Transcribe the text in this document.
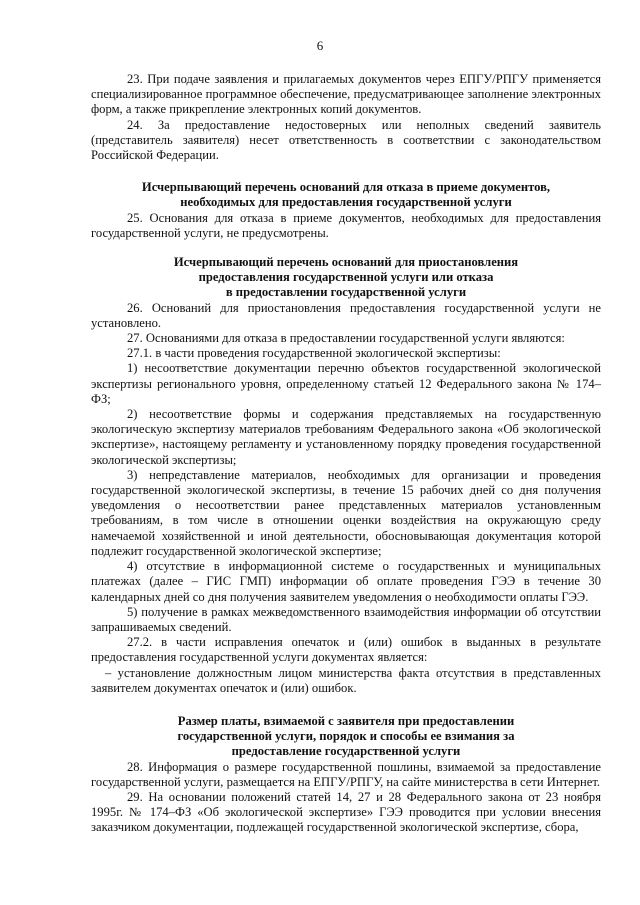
6

23. При подаче заявления и прилагаемых документов через ЕПГУ/РПГУ применяется специализированное программное обеспечение, предусматривающее заполнение электронных форм, а также прикрепление электронных копий документов.

24. За предоставление недостоверных или неполных сведений заявитель (представитель заявителя) несет ответственность в соответствии с законодательством Российской Федерации.

Исчерпывающий перечень оснований для отказа в приеме документов,
необходимых для предоставления государственной услуги

25. Основания для отказа в приеме документов, необходимых для предоставления государственной услуги, не предусмотрены.

Исчерпывающий перечень оснований для приостановления
предоставления государственной услуги или отказа
в предоставлении государственной услуги

26. Оснований для приостановления предоставления государственной услуги не установлено.

27. Основаниями для отказа в предоставлении государственной услуги являются:

27.1. в части проведения государственной экологической экспертизы:

1) несоответствие документации перечню объектов государственной экологической экспертизы регионального уровня, определенному статьей 12 Федерального закона № 174–ФЗ;

2) несоответствие формы и содержания представляемых на государственную экологическую экспертизу материалов требованиям Федерального закона «Об экологической экспертизе», настоящему регламенту и установленному порядку проведения государственной экологической экспертизы;

3) непредставление материалов, необходимых для организации и проведения государственной экологической экспертизы, в течение 15 рабочих дней со дня получения уведомления о несоответствии ранее представленных материалов установленным требованиям, в том числе в отношении оценки воздействия на окружающую среду намечаемой хозяйственной и иной деятельности, обосновывающая документация которой подлежит государственной экологической экспертизе;

4) отсутствие в информационной системе о государственных и муниципальных платежах (далее – ГИС ГМП) информации об оплате проведения ГЭЭ в течение 30 календарных дней со дня получения заявителем уведомления о необходимости оплаты ГЭЭ.

5) получение в рамках межведомственного взаимодействия информации об отсутствии запрашиваемых сведений.

27.2. в части исправления опечаток и (или) ошибок в выданных в результате предоставления государственной услуги документах является:

– установление должностным лицом министерства факта отсутствия в представленных заявителем документах опечаток и (или) ошибок.

Размер платы, взимаемой с заявителя при предоставлении
государственной услуги, порядок и способы ее взимания за
предоставление государственной услуги

28. Информация о размере государственной пошлины, взимаемой за предоставление государственной услуги, размещается на ЕПГУ/РПГУ, на сайте министерства в сети Интернет.

29. На основании положений статей 14, 27 и 28 Федерального закона от 23 ноября 1995г. № 174–ФЗ «Об экологической экспертизе» ГЭЭ проводится при условии внесения заказчиком документации, подлежащей государственной экологической экспертизе, сбора,
